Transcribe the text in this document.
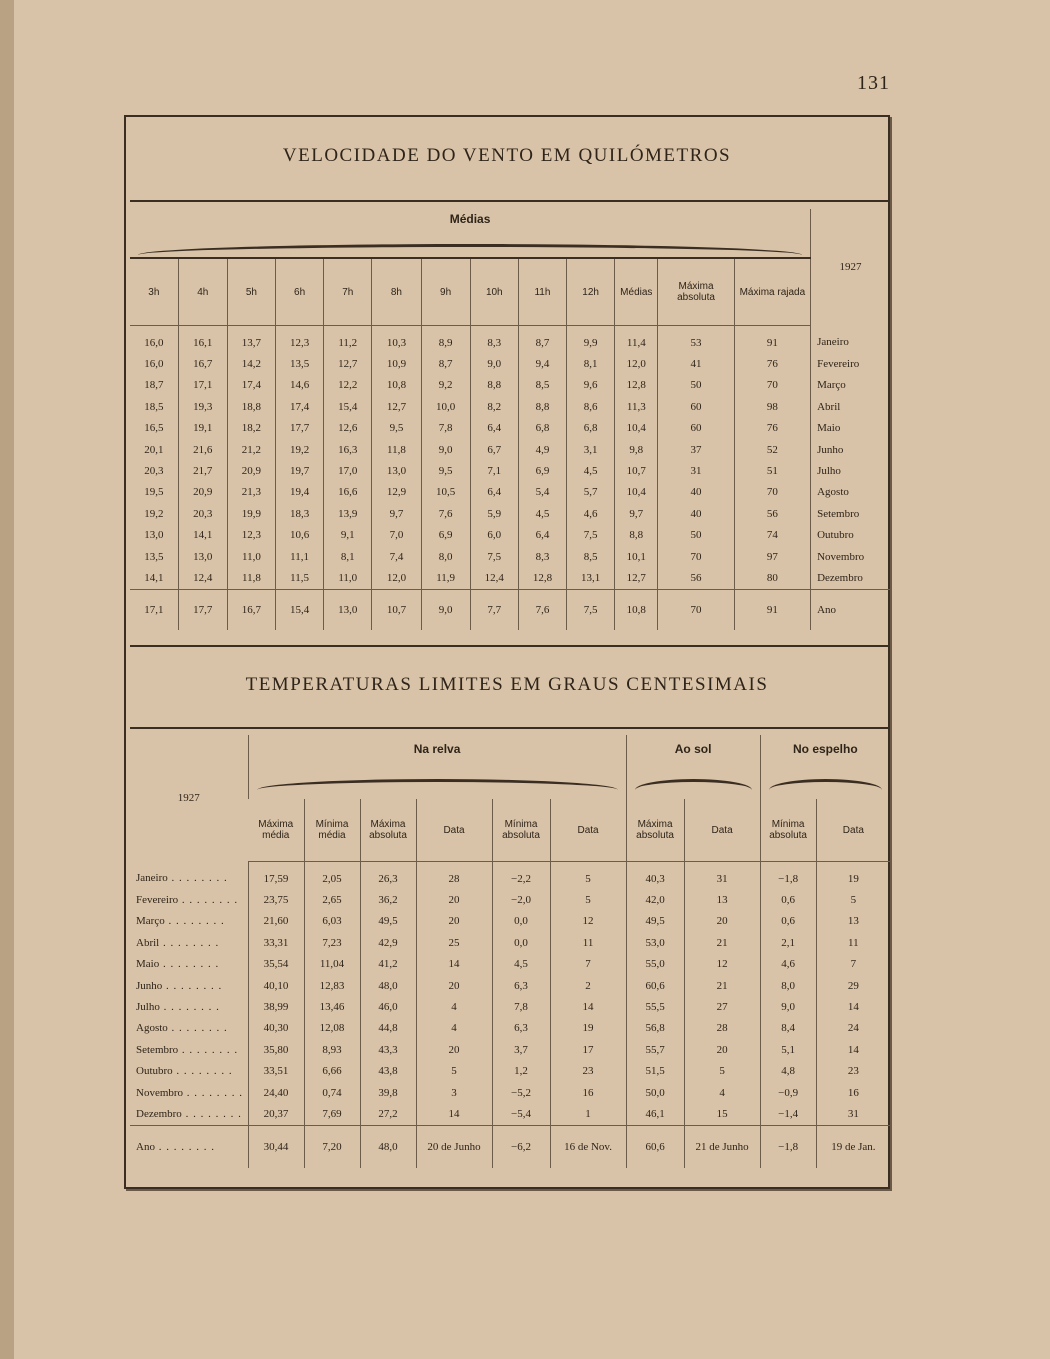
131
VELOCIDADE DO VENTO EM QUILÓMETROS
Médias													1927
3h	4h	5h	6h	7h	8h	9h	10h	11h	12h	Médias	Máxima absoluta	Máxima rajada	
16,0	16,1	13,7	12,3	11,2	10,3	8,9	8,3	8,7	9,9	11,4	53	91	Janeiro
16,0	16,7	14,2	13,5	12,7	10,9	8,7	9,0	9,4	8,1	12,0	41	76	Fevereiro
18,7	17,1	17,4	14,6	12,2	10,8	9,2	8,8	8,5	9,6	12,8	50	70	Março
18,5	19,3	18,8	17,4	15,4	12,7	10,0	8,2	8,8	8,6	11,3	60	98	Abril
16,5	19,1	18,2	17,7	12,6	9,5	7,8	6,4	6,8	6,8	10,4	60	76	Maio
20,1	21,6	21,2	19,2	16,3	11,8	9,0	6,7	4,9	3,1	9,8	37	52	Junho
20,3	21,7	20,9	19,7	17,0	13,0	9,5	7,1	6,9	4,5	10,7	31	51	Julho
19,5	20,9	21,3	19,4	16,6	12,9	10,5	6,4	5,4	5,7	10,4	40	70	Agosto
19,2	20,3	19,9	18,3	13,9	9,7	7,6	5,9	4,5	4,6	9,7	40	56	Setembro
13,0	14,1	12,3	10,6	9,1	7,0	6,9	6,0	6,4	7,5	8,8	50	74	Outubro
13,5	13,0	11,0	11,1	8,1	7,4	8,0	7,5	8,3	8,5	10,1	70	97	Novembro
14,1	12,4	11,8	11,5	11,0	12,0	11,9	12,4	12,8	13,1	12,7	56	80	Dezembro
17,1	17,7	16,7	15,4	13,0	10,7	9,0	7,7	7,6	7,5	10,8	70	91	Ano
TEMPERATURAS LIMITES EM GRAUS CENTESIMAIS
1927	Na relva						Ao sol		No espelho	

	Máxima média	Mínima média	Máxima absoluta	Data	Mínima absoluta	Data	Máxima absoluta	Data	Mínima absoluta	Data
Janeiro . . .	17,59	2,05	26,3	28	−2,2	5	40,3	31	−1,8	19
Fevereiro . . .	23,75	2,65	36,2	20	−2,0	5	42,0	13	0,6	5
Março . . .	21,60	6,03	49,5	20	0,0	12	49,5	20	0,6	13
Abril . . .	33,31	7,23	42,9	25	0,0	11	53,0	21	2,1	11
Maio . . .	35,54	11,04	41,2	14	4,5	7	55,0	12	4,6	7
Junho . . .	40,10	12,83	48,0	20	6,3	2	60,6	21	8,0	29
Julho . . .	38,99	13,46	46,0	4	7,8	14	55,5	27	9,0	14
Agosto . . .	40,30	12,08	44,8	4	6,3	19	56,8	28	8,4	24
Setembro . . .	35,80	8,93	43,3	20	3,7	17	55,7	20	5,1	14
Outubro . . .	33,51	6,66	43,8	5	1,2	23	51,5	5	4,8	23
Novembro . . .	24,40	0,74	39,8	3	−5,2	16	50,0	4	−0,9	16
Dezembro . . .	20,37	7,69	27,2	14	−5,4	1	46,1	15	−1,4	31
Ano . . .	30,44	7,20	48,0	20 de Junho	−6,2	16 de Nov.	60,6	21 de Junho	−1,8	19 de Jan.
